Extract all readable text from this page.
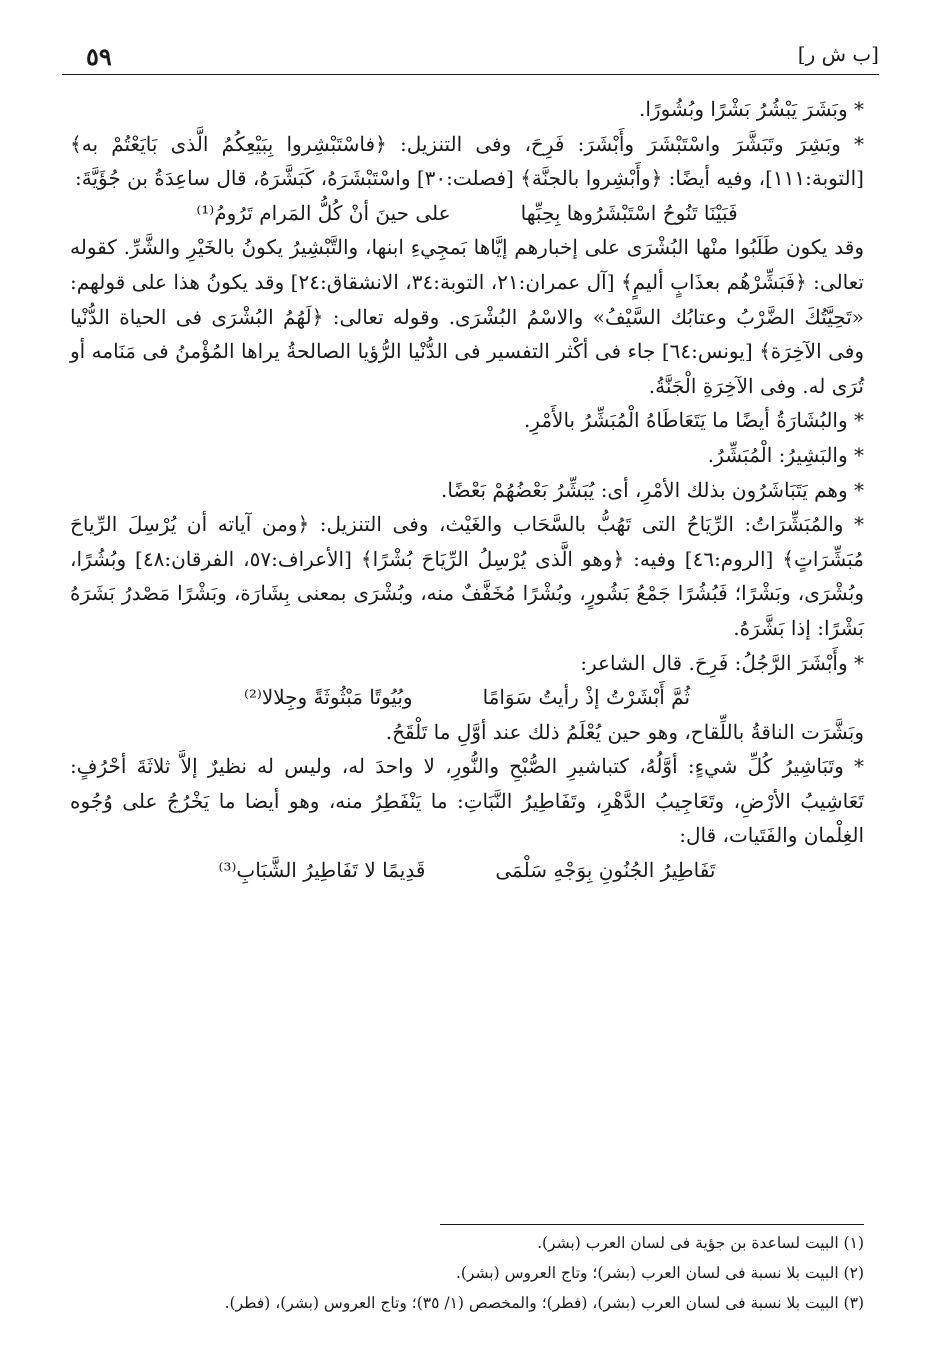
٥٩	[ب ش ر]

* وبَشَرَ يَبْشُرُ بَشْرًا وبُشُورًا.

* وبَشِرَ وتَبَشَّرَ واسْتَبْشَرَ وأَبْشَرَ: فَرِحَ، وفى التنزيل: ﴿فاسْتَبْشِروا بِبَيْعِكُمُ الَّذى بَايَعْتُمْ به﴾ [التوبة:١١١]، وفيه أيضًا: ﴿وأَبْشِروا بالجنَّة﴾ [فصلت:٣٠] واسْتَبْشَرَهُ، كَبَشَّرَهُ، قال ساعِدَةُ بن جُؤَيَّةَ:

فَبَيْنَا تَنُوحُ اسْتَبْشَرُوها بِحِبِّها
على حينَ أنْ كُلُّ المَرام تَرُومُ⁽¹⁾

وقد يكون طَلَبُوا منْها البُشْرَى على إخبارهم إيَّاها بَمجِيءِ ابنها، والتَّبْشِيرُ يكونُ بالخَيْرِ والشَّرِّ. كقوله تعالى: ﴿فَبَشِّرْهُم بعذَابٍ أليمٍ﴾ [آل عمران:٢١، التوبة:٣٤، الانشقاق:٢٤] وقد يكونُ هذا على قولهم: «تَحِيَّتُكَ الضَّرْبُ وعتابُك السَّيْفُ» والاسْمُ البُشْرَى. وقوله تعالى: ﴿لَهُمُ البُشْرَى فى الحياة الدُّنْيا وفى الآخِرَة﴾ [يونس:٦٤] جاء فى أكْثر التفسير فى الدُّنْيا الرُّؤيا الصالحةُ يراها المُؤْمنُ فى مَنَامه أو تُرَى له. وفى الآخِرَةِ الْجَنَّةُ.

* والبُشَارَةُ أيضًا ما يَتَعَاطَاهُ الْمُبَشِّرُ بالأَمْرِ.

* والبَشِيرُ: الْمُبَشِّرُ.

* وهم يَتَبَاشَرُون بذلك الأمْرِ، أى: يُبَشِّرُ بَعْضُهُمْ بَعْضًا.

* والمُبَشِّرَاتُ: الرِّيَاحُ التى تَهُبُّ بالسَّحَاب والغَيْث، وفى التنزيل: ﴿ومن آياته أن يُرْسِلَ الرِّياحَ مُبَشِّرَاتٍ﴾ [الروم:٤٦] وفيه: ﴿وهو الَّذى يُرْسِلُ الرِّيَاحَ بُشْرًا﴾ [الأعراف:٥٧، الفرقان:٤٨] وبُشُرًا، وبُشْرَى، وبَشْرًا؛ فَبُشُرًا جَمْعُ بَشُورٍ، وبُشْرًا مُخَفَّفٌ منه، وبُشْرَى بمعنى بِشَارَة، وبَشْرًا مَصْدرُ بَشَرَهُ بَشْرًا: إذا بَشَّرَهُ.

* وأَبْشَرَ الرَّجُلُ: فَرِحَ. قال الشاعر:

ثُمَّ أَبْشَرْتُ إذْ رأيتُ سَوَامًا
وبُيُوتًا مَبْثُوثَةً وجِلالا⁽²⁾

وبَشَّرَت الناقةُ باللِّقاح، وهو حين يُعْلَمُ ذلك عند أوَّلِ ما تَلْقَحُ.

* وتَبَاشِيرُ كُلِّ شيءٍ: أوَّلُهُ، كتباشيرِ الصُّبْحِ والنُّورِ، لا واحدَ له، وليس له نظيرٌ إلاَّ ثلاثَةَ أحْرُفٍ: تَعَاشِيبُ الأرْضِ، وتَعَاجِيبُ الدَّهْرِ، وتَفَاطِيرُ النَّبَاتِ: ما يَنْفَطِرُ منه، وهو أيضا ما يَخْرُجُ على وُجُوه الغِلْمان والفَتَيات، قال:

تَفَاطِيرُ الجُنُونِ بِوَجْهِ سَلْمَى
قَدِيمًا لا تَفَاطِيرُ الشَّبَابِ⁽³⁾

(١) البيت لساعدة بن جؤية فى لسان العرب (بشر).

(٢) البيت بلا نسبة فى لسان العرب (بشر)؛ وتاج العروس (بشر).

(٣) البيت بلا نسبة فى لسان العرب (بشر)، (فطر)؛ والمخصص (١/ ٣٥)؛ وتاج العروس (بشر)، (فطر).
